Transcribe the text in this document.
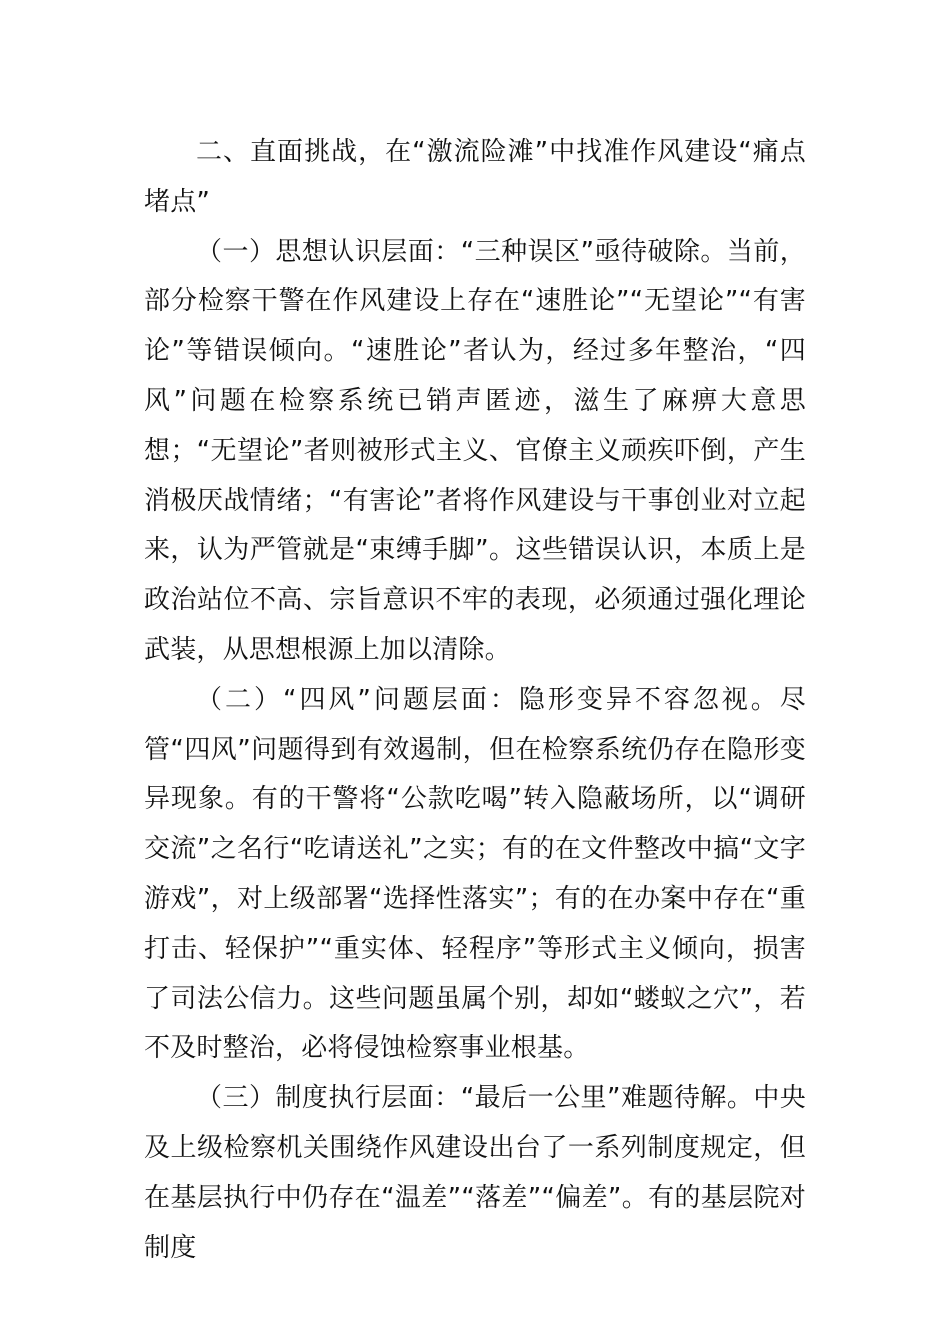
二、直面挑战，在“激流险滩”中找准作风建设“痛点堵点”

（一）思想认识层面：“三种误区”亟待破除。当前，部分检察干警在作风建设上存在“速胜论”“无望论”“有害论”等错误倾向。“速胜论”者认为，经过多年整治，“四风”问题在检察系统已销声匿迹，滋生了麻痹大意思想；“无望论”者则被形式主义、官僚主义顽疾吓倒，产生消极厌战情绪；“有害论”者将作风建设与干事创业对立起来，认为严管就是“束缚手脚”。这些错误认识，本质上是政治站位不高、宗旨意识不牢的表现，必须通过强化理论武装，从思想根源上加以清除。

（二）“四风”问题层面：隐形变异不容忽视。尽管“四风”问题得到有效遏制，但在检察系统仍存在隐形变异现象。有的干警将“公款吃喝”转入隐蔽场所，以“调研交流”之名行“吃请送礼”之实；有的在文件整改中搞“文字游戏”，对上级部署“选择性落实”；有的在办案中存在“重打击、轻保护”“重实体、轻程序”等形式主义倾向，损害了司法公信力。这些问题虽属个别，却如“蝼蚁之穴”，若不及时整治，必将侵蚀检察事业根基。

（三）制度执行层面：“最后一公里”难题待解。中央及上级检察机关围绕作风建设出台了一系列制度规定，但在基层执行中仍存在“温差”“落差”“偏差”。有的基层院对制度
